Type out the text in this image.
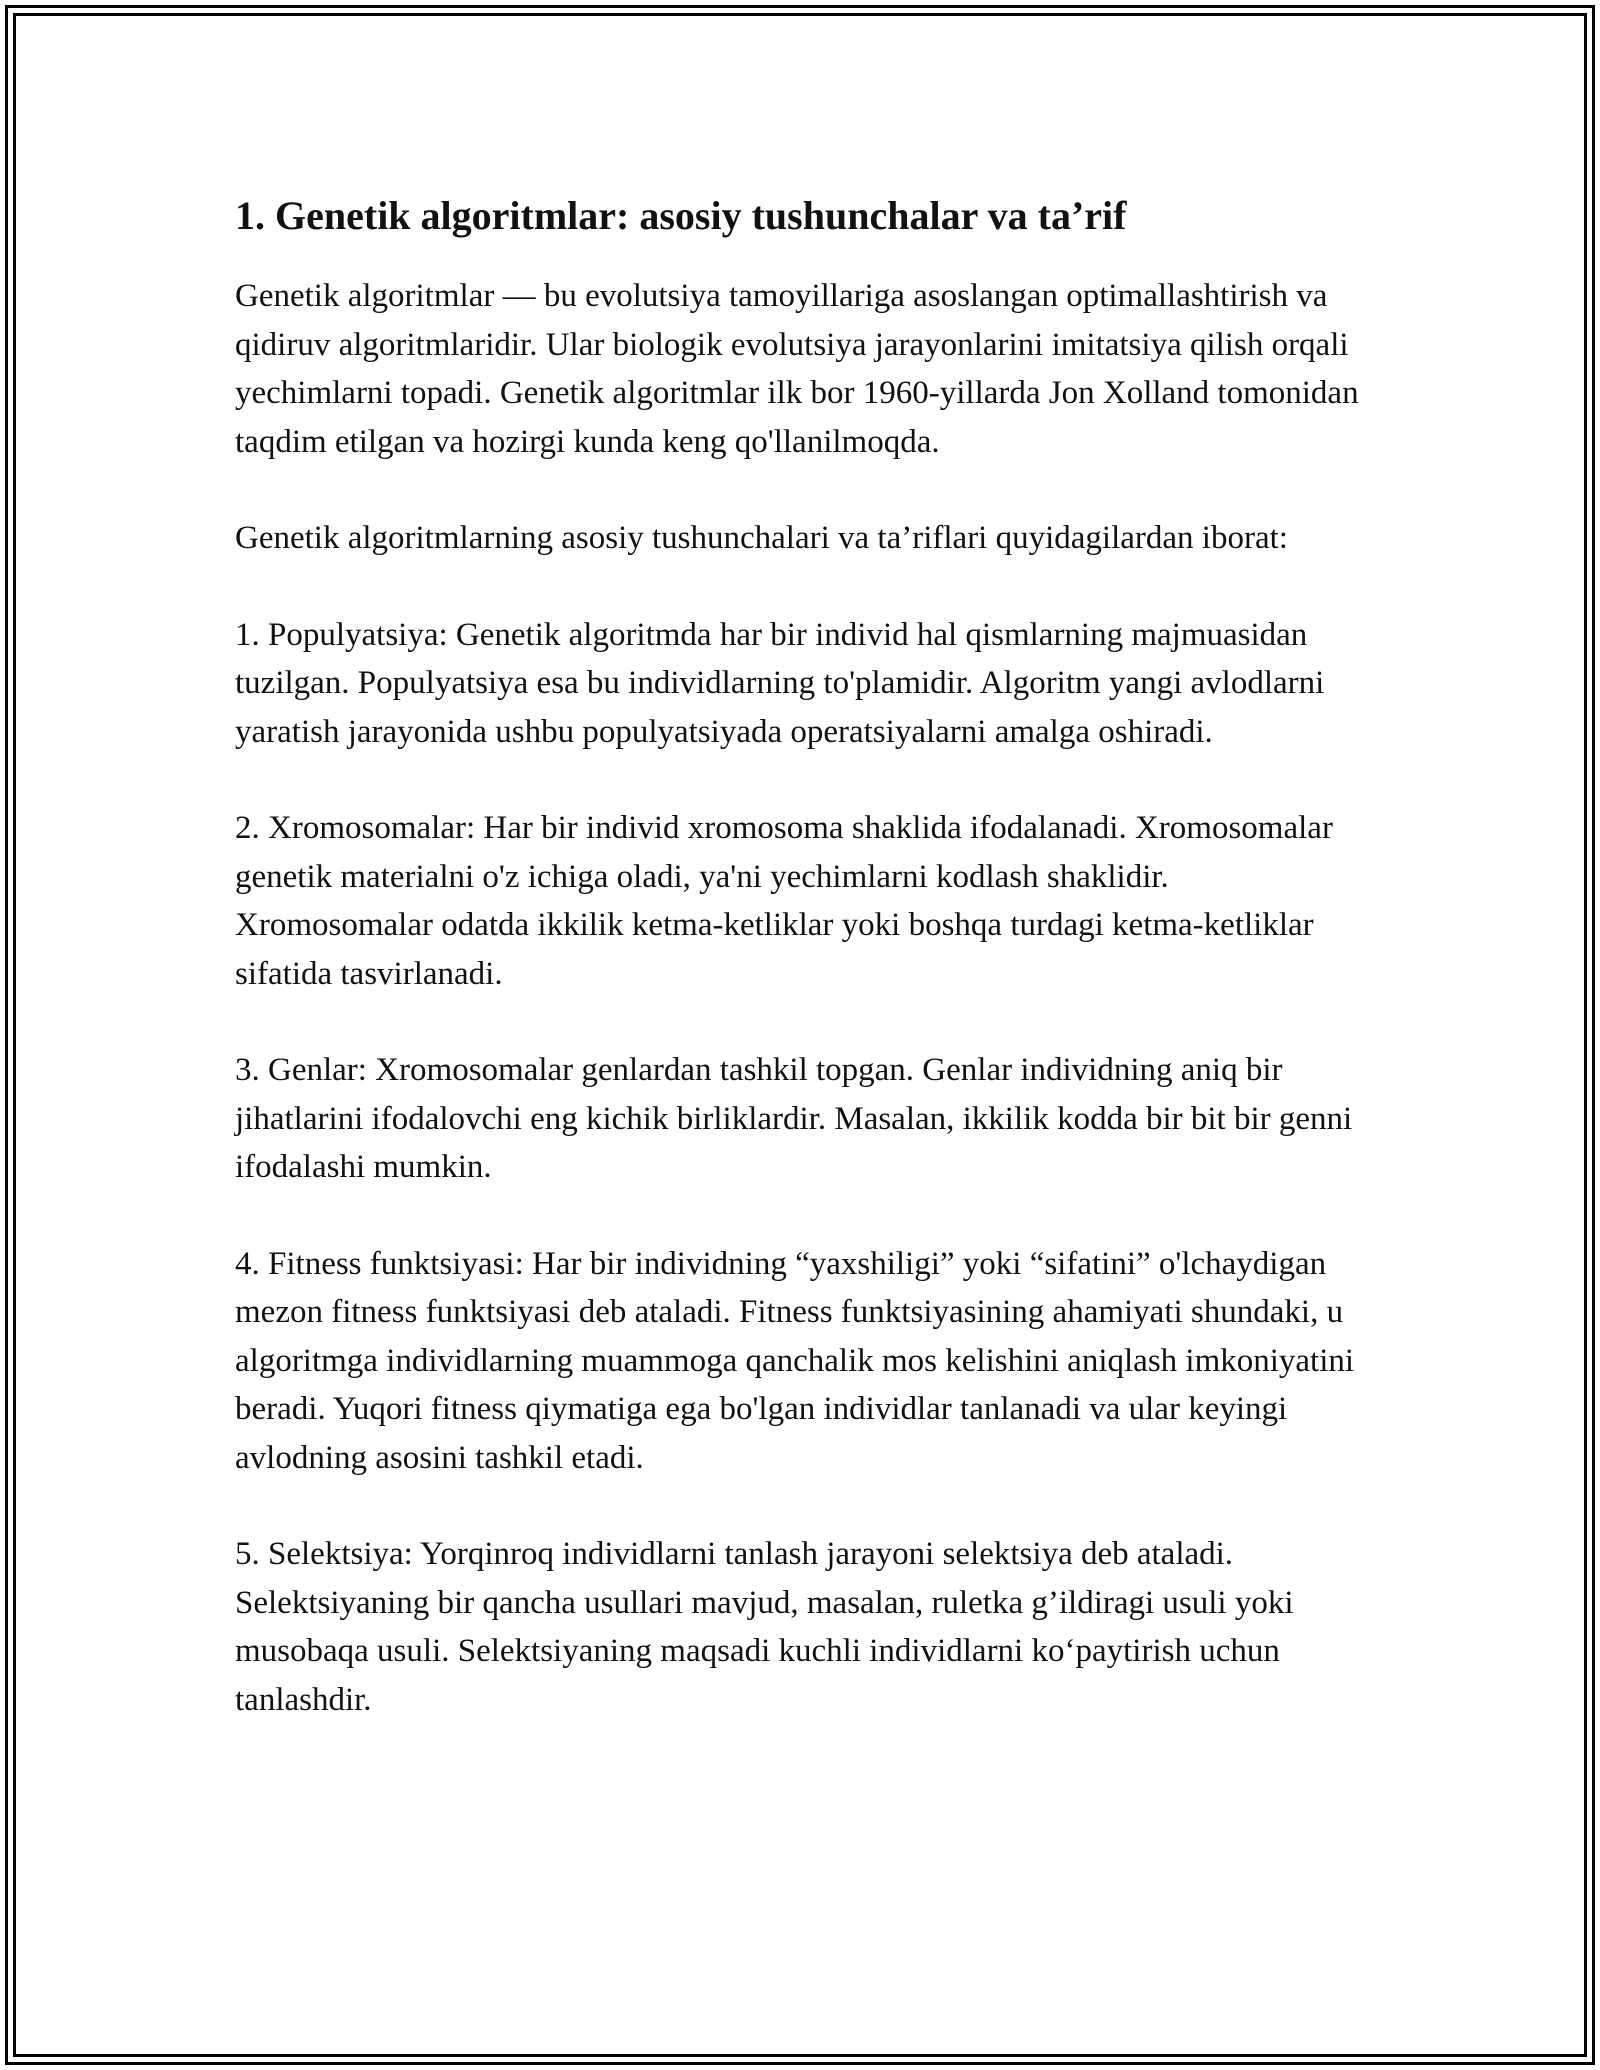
1. Genetik algoritmlar: asosiy tushunchalar va ta’rif

Genetik algoritmlar — bu evolutsiya tamoyillariga asoslangan optimallashtirish va qidiruv algoritmlaridir. Ular biologik evolutsiya jarayonlarini imitatsiya qilish orqali yechimlarni topadi. Genetik algoritmlar ilk bor 1960-yillarda Jon Xolland tomonidan taqdim etilgan va hozirgi kunda keng qo'llanilmoqda.

Genetik algoritmlarning asosiy tushunchalari va ta’riflari quyidagilardan iborat:

1. Populyatsiya: Genetik algoritmda har bir individ hal qismlarning majmuasidan tuzilgan. Populyatsiya esa bu individlarning to'plamidir. Algoritm yangi avlodlarni yaratish jarayonida ushbu populyatsiyada operatsiyalarni amalga oshiradi.

2. Xromosomalar: Har bir individ xromosoma shaklida ifodalanadi. Xromosomalar genetik materialni o'z ichiga oladi, ya'ni yechimlarni kodlash shaklidir. Xromosomalar odatda ikkilik ketma-ketliklar yoki boshqa turdagi ketma-ketliklar sifatida tasvirlanadi.

3. Genlar: Xromosomalar genlardan tashkil topgan. Genlar individning aniq bir jihatlarini ifodalovchi eng kichik birliklardir. Masalan, ikkilik kodda bir bit bir genni ifodalashi mumkin.

4. Fitness funktsiyasi: Har bir individning “yaxshiligi” yoki “sifatini” o'lchaydigan mezon fitness funktsiyasi deb ataladi. Fitness funktsiyasining ahamiyati shundaki, u algoritmga individlarning muammoga qanchalik mos kelishini aniqlash imkoniyatini beradi. Yuqori fitness qiymatiga ega bo'lgan individlar tanlanadi va ular keyingi avlodning asosini tashkil etadi.

5. Selektsiya: Yorqinroq individlarni tanlash jarayoni selektsiya deb ataladi. Selektsiyaning bir qancha usullari mavjud, masalan, ruletka g’ildiragi usuli yoki musobaqa usuli. Selektsiyaning maqsadi kuchli individlarni ko‘paytirish uchun tanlashdir.
